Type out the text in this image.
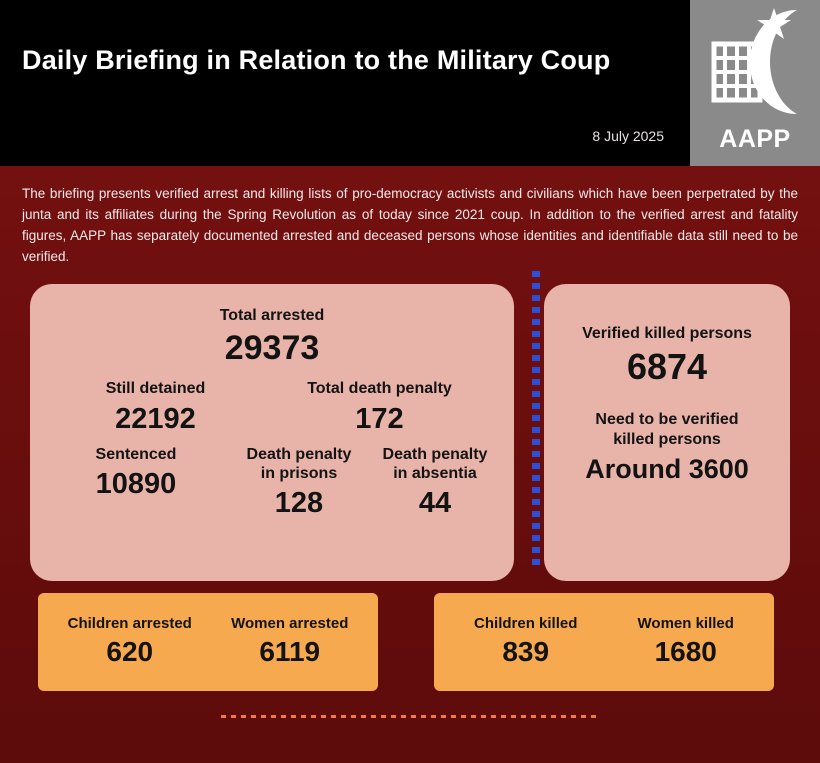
Daily Briefing in Relation to the Military Coup
8 July 2025	AAPP
The briefing presents verified arrest and killing lists of pro-democracy activists and civilians which have been perpetrated by the junta and its affiliates during the Spring Revolution as of today since 2021 coup. In addition to the verified arrest and fatality figures, AAPP has separately documented arrested and deceased persons whose identities and identifiable data still need to be verified.
Total arrested
29373
Still detained
22192
Total death penalty
172
Sentenced
10890
Death penalty
in prisons
128
Death penalty
in absentia
44
Verified killed persons
6874
Need to be verified
killed persons
Around 3600
Children arrested
620
Women arrested
6119
Children killed
839
Women killed
1680
